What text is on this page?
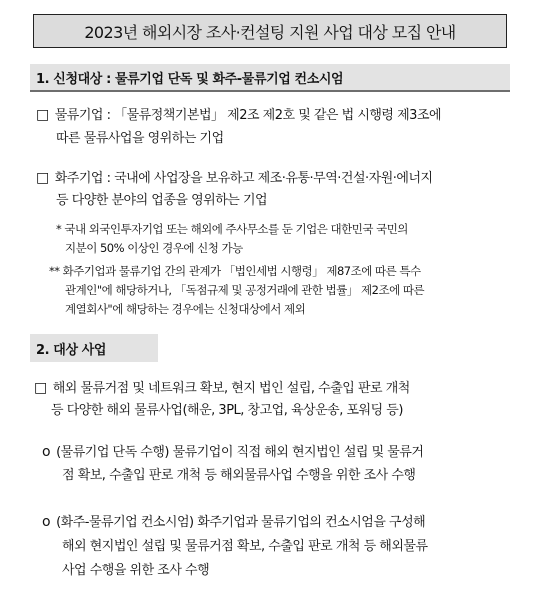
2023년 해외시장 조사·컨설팅 지원 사업 대상 모집 안내
1. 신청대상 : 물류기업 단독 및 화주-물류기업 컨소시엄
□ 물류기업 : 「물류정책기본법」 제2조 제2호 및 같은 법 시행령 제3조에
따른 물류사업을 영위하는 기업
□ 화주기업 : 국내에 사업장을 보유하고 제조·유통·무역·건설·자원·에너지
등 다양한 분야의 업종을 영위하는 기업
* 국내 외국인투자기업 또는 해외에 주사무소를 둔 기업은 대한민국 국민의
지분이 50% 이상인 경우에 신청 가능
** 화주기업과 물류기업 간의 관계가 「법인세법 시행령」 제87조에 따른 특수
관계인"에 해당하거나, 「독점규제 및 공정거래에 관한 법률」 제2조에 따른
계열회사"에 해당하는 경우에는 신청대상에서 제외
2. 대상 사업
□ 해외 물류거점 및 네트워크 확보, 현지 법인 설립, 수출입 판로 개척
등 다양한 해외 물류사업(해운, 3PL, 창고업, 육상운송, 포워딩 등)
ο (물류기업 단독 수행) 물류기업이 직접 해외 현지법인 설립 및 물류거
점 확보, 수출입 판로 개척 등 해외물류사업 수행을 위한 조사 수행
ο (화주-물류기업 컨소시엄) 화주기업과 물류기업의 컨소시엄을 구성해
해외 현지법인 설립 및 물류거점 확보, 수출입 판로 개척 등 해외물류
사업 수행을 위한 조사 수행
